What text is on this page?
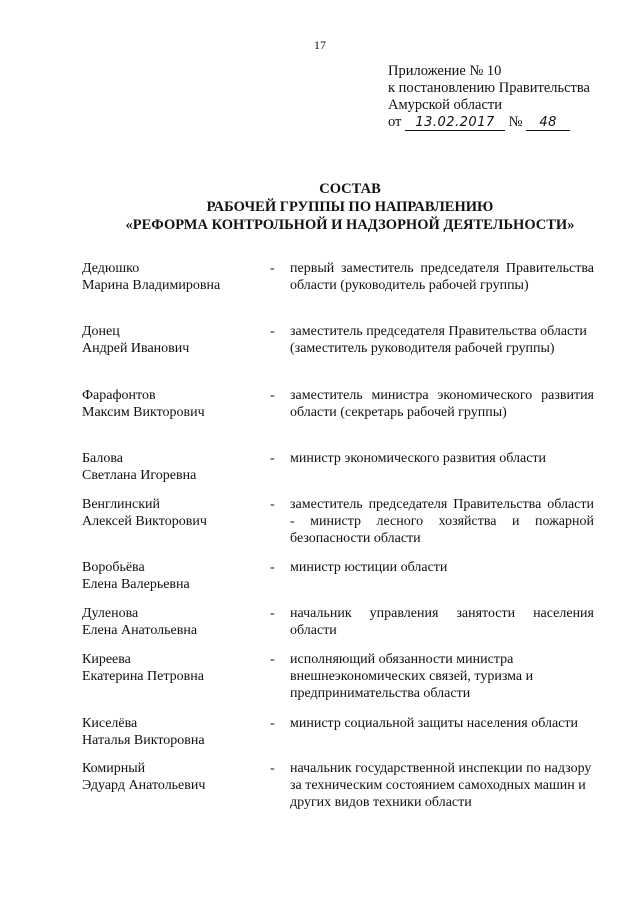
17
Приложение № 10
к постановлению Правительства
Амурской области
от 13.02.2017 № 48
СОСТАВ
РАБОЧЕЙ ГРУППЫ ПО НАПРАВЛЕНИЮ
«РЕФОРМА КОНТРОЛЬНОЙ И НАДЗОРНОЙ ДЕЯТЕЛЬНОСТИ»
Дедюшко
Марина Владимировна
-	первый заместитель председателя Правительства области (руководитель рабочей группы)
Донец
Андрей Иванович
-	заместитель председателя Правительства области (заместитель руководителя рабочей группы)
Фарафонтов
Максим Викторович
-	заместитель министра экономического развития области (секретарь рабочей группы)
Балова
Светлана Игоревна
-	министр экономического развития области
Венглинский
Алексей Викторович
-	заместитель председателя Правительства области - министр лесного хозяйства и пожарной безопасности области
Воробьёва
Елена Валерьевна
-	министр юстиции области
Дуленова
Елена Анатольевна
-	начальник управления занятости населения области
Киреева
Екатерина Петровна
-	исполняющий обязанности министра внешнеэкономических связей, туризма и предпринимательства области
Киселёва
Наталья Викторовна
-	министр социальной защиты населения области
Комирный
Эдуард Анатольевич
-	начальник государственной инспекции по надзору за техническим состоянием самоходных машин и других видов техники области
